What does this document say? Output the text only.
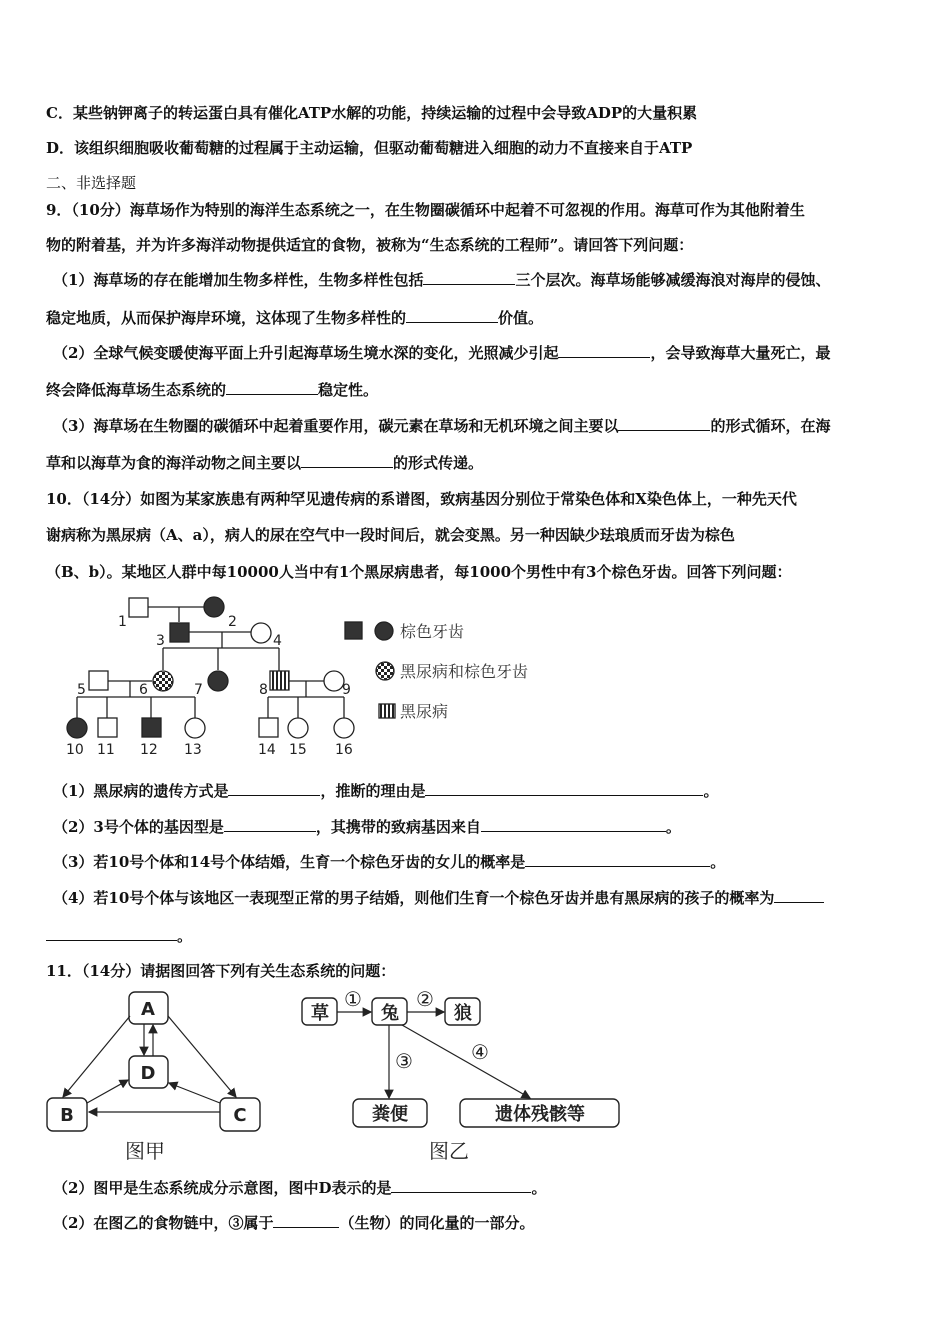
C．某些钠钾离子的转运蛋白具有催化ATP水解的功能，持续运输的过程中会导致ADP的大量积累
D．该组织细胞吸收葡萄糖的过程属于主动运输，但驱动葡萄糖进入细胞的动力不直接来自于ATP
二、非选择题
9．（10分）海草场作为特别的海洋生态系统之一，在生物圈碳循环中起着不可忽视的作用。海草可作为其他附着生
物的附着基，并为许多海洋动物提供适宜的食物，被称为“生态系统的工程师”。请回答下列问题：
（1）海草场的存在能增加生物多样性，生物多样性包括	三个层次。海草场能够减缓海浪对海岸的侵蚀、
稳定地质，从而保护海岸环境，这体现了生物多样性的	价值。
（2）全球气候变暖使海平面上升引起海草场生境水深的变化，光照减少引起	，会导致海草大量死亡，最
终会降低海草场生态系统的	稳定性。
（3）海草场在生物圈的碳循环中起着重要作用，碳元素在草场和无机环境之间主要以	的形式循环，在海
草和以海草为食的海洋动物之间主要以	的形式传递。
10．（14分）如图为某家族患有两种罕见遗传病的系谱图，致病基因分别位于常染色体和X染色体上，一种先天代
谢病称为黑尿病（A、a），病人的尿在空气中一段时间后，就会变黑。另一种因缺少珐琅质而牙齿为棕色
（B、b）。某地区人群中每10000人当中有1个黑尿病患者，每1000个男性中有3个棕色牙齿。回答下列问题：
1	2
3	4
5	6	7	8	9
10 11 12 13	14 15 16
棕色牙齿
黑尿病和棕色牙齿
黑尿病
（1）黑尿病的遗传方式是	，推断的理由是	。
（2）3号个体的基因型是	，其携带的致病基因来自	。
（3）若10号个体和14号个体结婚，生育一个棕色牙齿的女儿的概率是	。
（4）若10号个体与该地区一表现型正常的男子结婚，则他们生育一个棕色牙齿并患有黑尿病的孩子的概率为
。
11．（14分）请据图回答下列有关生态系统的问题：
A
D
B	C
图甲
草	兔	狼
粪便	遗体残骸等
①	②
③	④
图乙
（2）图甲是生态系统成分示意图，图中D表示的是	。
（2）在图乙的食物链中，③属于	（生物）的同化量的一部分。
